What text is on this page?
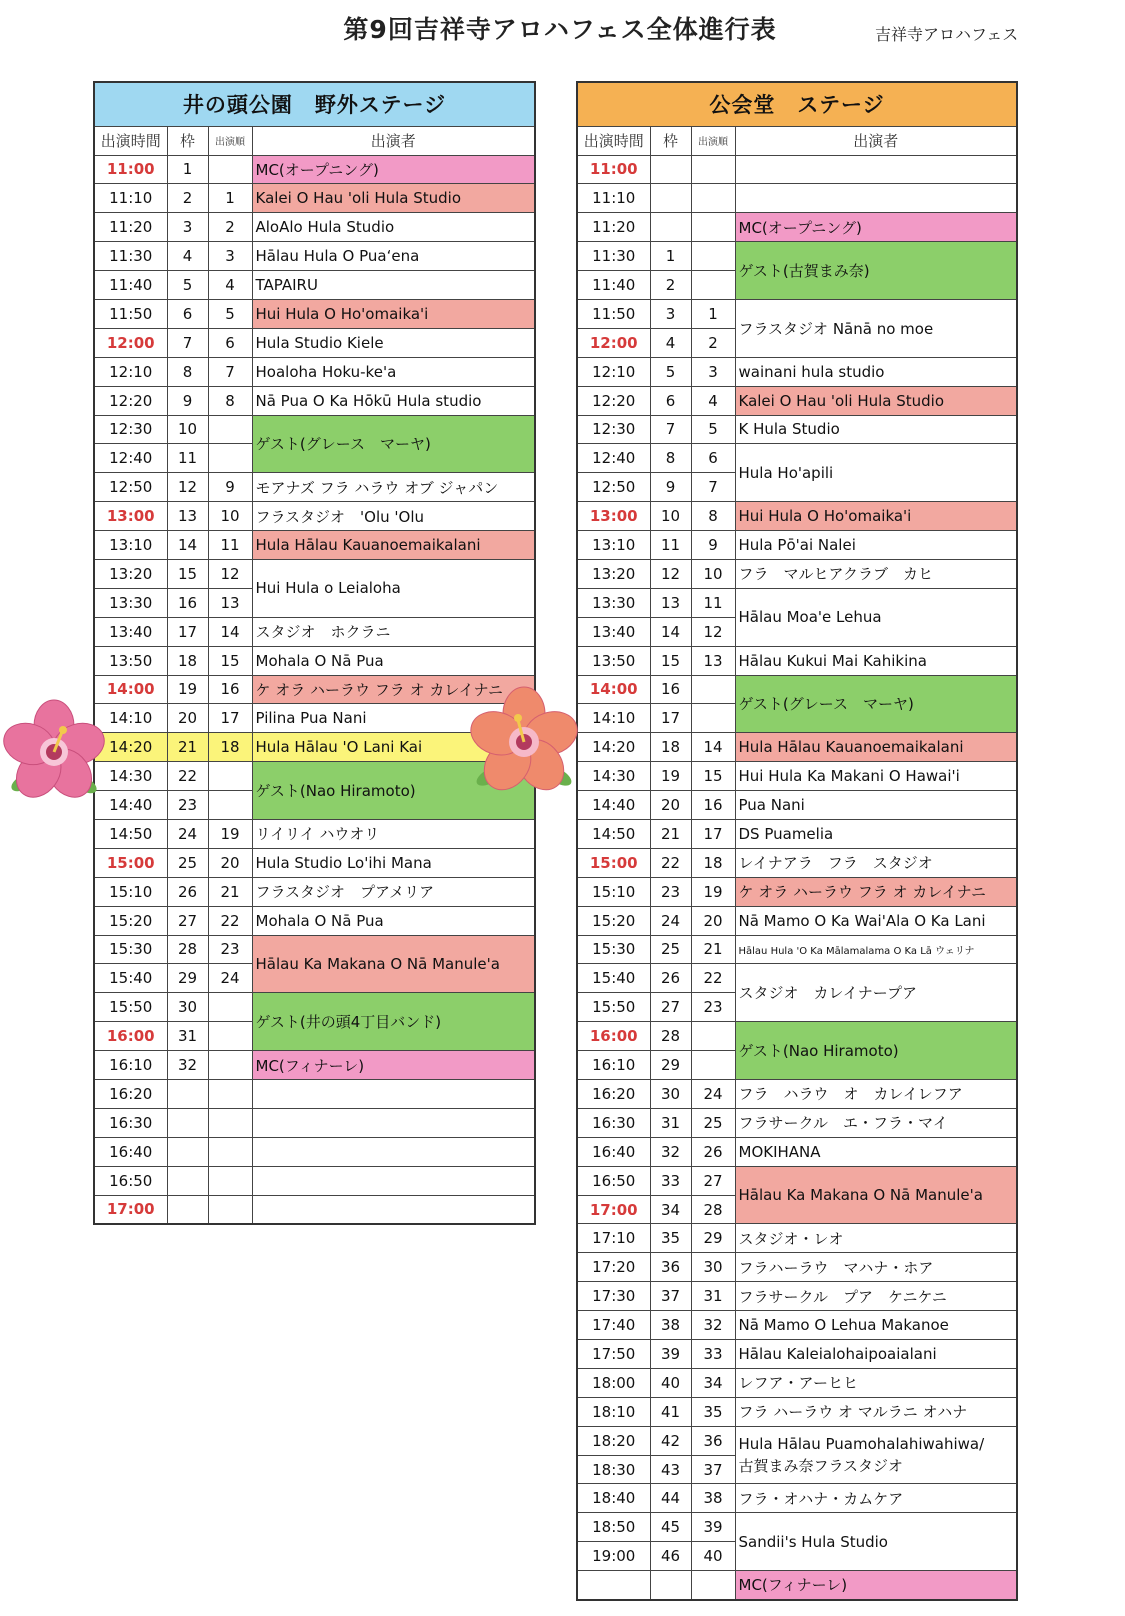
第9回吉祥寺アロハフェス全体進行表	吉祥寺アロハフェス
井の頭公園　野外ステージ			
出演時間	枠	出演順	出演者
11:00	1		MC(オープニング)
11:10	2	1	Kalei O Hau 'oli Hula Studio
11:20	3	2	AloAlo Hula Studio
11:30	4	3	Hālau Hula O Pua‘ena
11:40	5	4	TAPAIRU
11:50	6	5	Hui Hula O Ho'omaika'i
12:00	7	6	Hula Studio Kiele
12:10	8	7	Hoaloha Hoku-ke'a
12:20	9	8	Nā Pua O Ka Hōkū Hula studio
12:30	10		ゲスト(グレース　マーヤ)
12:40	11		
12:50	12	9	モアナズ フラ ハラウ オブ ジャパン
13:00	13	10	フラスタジオ　'Olu 'Olu
13:10	14	11	Hula Hālau Kauanoemaikalani
13:20	15	12	Hui Hula o Leialoha
13:30	16	13	
13:40	17	14	スタジオ　ホクラニ
13:50	18	15	Mohala O Nā Pua
14:00	19	16	ケ オラ ハーラウ フラ オ カレイナニ
14:10	20	17	Pilina Pua Nani
14:20	21	18	Hula Hālau 'O Lani Kai
14:30	22		ゲスト(Nao Hiramoto)
14:40	23		
14:50	24	19	リイリイ ハウオリ
15:00	25	20	Hula Studio Lo'ihi Mana
15:10	26	21	フラスタジオ　プアメリア
15:20	27	22	Mohala O Nā Pua
15:30	28	23	Hālau Ka Makana O Nā Manule'a
15:40	29	24	
15:50	30		ゲスト(井の頭4丁目バンド)
16:00	31		
16:10	32		MC(フィナーレ)
16:20			
16:30			
16:40			
16:50			
17:00			
公会堂　ステージ			
出演時間	枠	出演順	出演者
11:00			
11:10			
11:20			MC(オープニング)
11:30	1		ゲスト(古賀まみ奈)
11:40	2		
11:50	3	1	フラスタジオ Nānā no moe
12:00	4	2	
12:10	5	3	wainani hula studio
12:20	6	4	Kalei O Hau 'oli Hula Studio
12:30	7	5	K Hula Studio
12:40	8	6	Hula Ho'apili
12:50	9	7	
13:00	10	8	Hui Hula O Ho'omaika'i
13:10	11	9	Hula Pō'ai Nalei
13:20	12	10	フラ　マルヒアクラブ　カヒ
13:30	13	11	Hālau Moa'e Lehua
13:40	14	12	
13:50	15	13	Hālau Kukui Mai Kahikina
14:00	16		ゲスト(グレース　マーヤ)
14:10	17		
14:20	18	14	Hula Hālau Kauanoemaikalani
14:30	19	15	Hui Hula Ka Makani O Hawai'i
14:40	20	16	Pua Nani
14:50	21	17	DS Puamelia
15:00	22	18	レイナアラ　フラ　スタジオ
15:10	23	19	ケ オラ ハーラウ フラ オ カレイナニ
15:20	24	20	Nā Mamo O Ka Wai'Ala O Ka Lani
15:30	25	21	Hālau Hula 'O Ka Mālamalama O Ka Lā ウェリナ
15:40	26	22	スタジオ　カレイナープア
15:50	27	23	
16:00	28		ゲスト(Nao Hiramoto)
16:10	29		
16:20	30	24	フラ　ハラウ　オ　カレイレフア
16:30	31	25	フラサークル　エ・フラ・マイ
16:40	32	26	MOKIHANA
16:50	33	27	Hālau Ka Makana O Nā Manule'a
17:00	34	28	
17:10	35	29	スタジオ・レオ
17:20	36	30	フラハーラウ　マハナ・ホア
17:30	37	31	フラサークル　プア　ケニケニ
17:40	38	32	Nā Mamo O Lehua Makanoe
17:50	39	33	Hālau Kaleialohaipoaialani
18:00	40	34	レフア・アーヒヒ
18:10	41	35	フラ ハーラウ オ マルラニ オハナ
18:20	42	36	Hula Hālau Puamohalahiwahiwa/
古賀まみ奈フラスタジオ
18:30	43	37	
18:40	44	38	フラ・オハナ・カムケア
18:50	45	39	Sandii's Hula Studio
19:00	46	40	
			MC(フィナーレ)
